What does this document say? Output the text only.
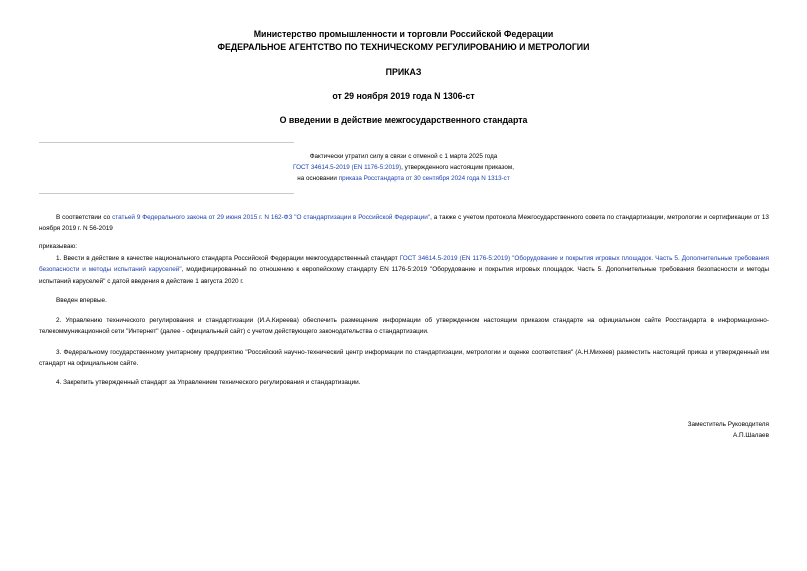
Министерство промышленности и торговли Российской Федерации
ФЕДЕРАЛЬНОЕ АГЕНТСТВО ПО ТЕХНИЧЕСКОМУ РЕГУЛИРОВАНИЮ И МЕТРОЛОГИИ
ПРИКАЗ
от 29 ноября 2019 года N 1306-ст
О введении в действие межгосударственного стандарта
Фактически утратил силу в связи с отменой с 1 марта 2025 года
ГОСТ 34614.5-2019 (EN 1176-5:2019), утвержденного настоящим приказом,
на основании приказа Росстандарта от 30 сентября 2024 года N 1313-ст
В соответствии со статьей 9 Федерального закона от 29 июня 2015 г. N 162-ФЗ "О стандартизации в Российской Федерации", а также с учетом протокола Межгосударственного совета по стандартизации, метрологии и сертификации от 13 ноября 2019 г. N 56-2019
приказываю:
1. Ввести в действие в качестве национального стандарта Российской Федерации межгосударственный стандарт ГОСТ 34614.5-2019 (EN 1176-5:2019) "Оборудование и покрытия игровых площадок. Часть 5. Дополнительные требования безопасности и методы испытаний каруселей", модифицированный по отношению к европейскому стандарту EN 1176-5:2019 "Оборудование и покрытия игровых площадок. Часть 5. Дополнительные требования безопасности и методы испытаний каруселей" с датой введения в действие 1 августа 2020 г.
Введен впервые.
2. Управлению технического регулирования и стандартизации (И.А.Киреева) обеспечить размещение информации об утвержденном настоящим приказом стандарте на официальном сайте Росстандарта в информационно-телекоммуникационной сети "Интернет" (далее - официальный сайт) с учетом действующего законодательства о стандартизации.
3. Федеральному государственному унитарному предприятию "Российский научно-технический центр информации по стандартизации, метрологии и оценке соответствия" (А.Н.Михеев) разместить настоящий приказ и утвержденный им стандарт на официальном сайте.
4. Закрепить утвержденный стандарт за Управлением технического регулирования и стандартизации.
Заместитель Руководителя
А.П.Шалаев
